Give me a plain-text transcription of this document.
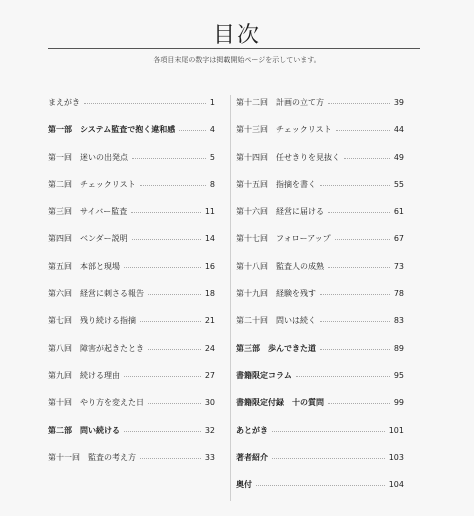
目次
各項目末尾の数字は掲載開始ページを示しています。
まえがき	1
第一部　システム監査で抱く違和感	4
第一回　迷いの出発点	5
第二回　チェックリスト	8
第三回　サイバー監査	11
第四回　ベンダー説明	14
第五回　本部と現場	16
第六回　経営に刺さる報告	18
第七回　残り続ける指摘	21
第八回　障害が起きたとき	24
第九回　続ける理由	27
第十回　やり方を変えた日	30
第二部　問い続ける	32
第十一回　監査の考え方	33
第十二回　計画の立て方	39
第十三回　チェックリスト	44
第十四回　任せきりを見抜く	49
第十五回　指摘を書く	55
第十六回　経営に届ける	61
第十七回　フォローアップ	67
第十八回　監査人の成熟	73
第十九回　経験を残す	78
第二十回　問いは続く	83
第三部　歩んできた道	89
書籍限定コラム	95
書籍限定付録　十の質問	99
あとがき	101
著者紹介	103
奥付	104
